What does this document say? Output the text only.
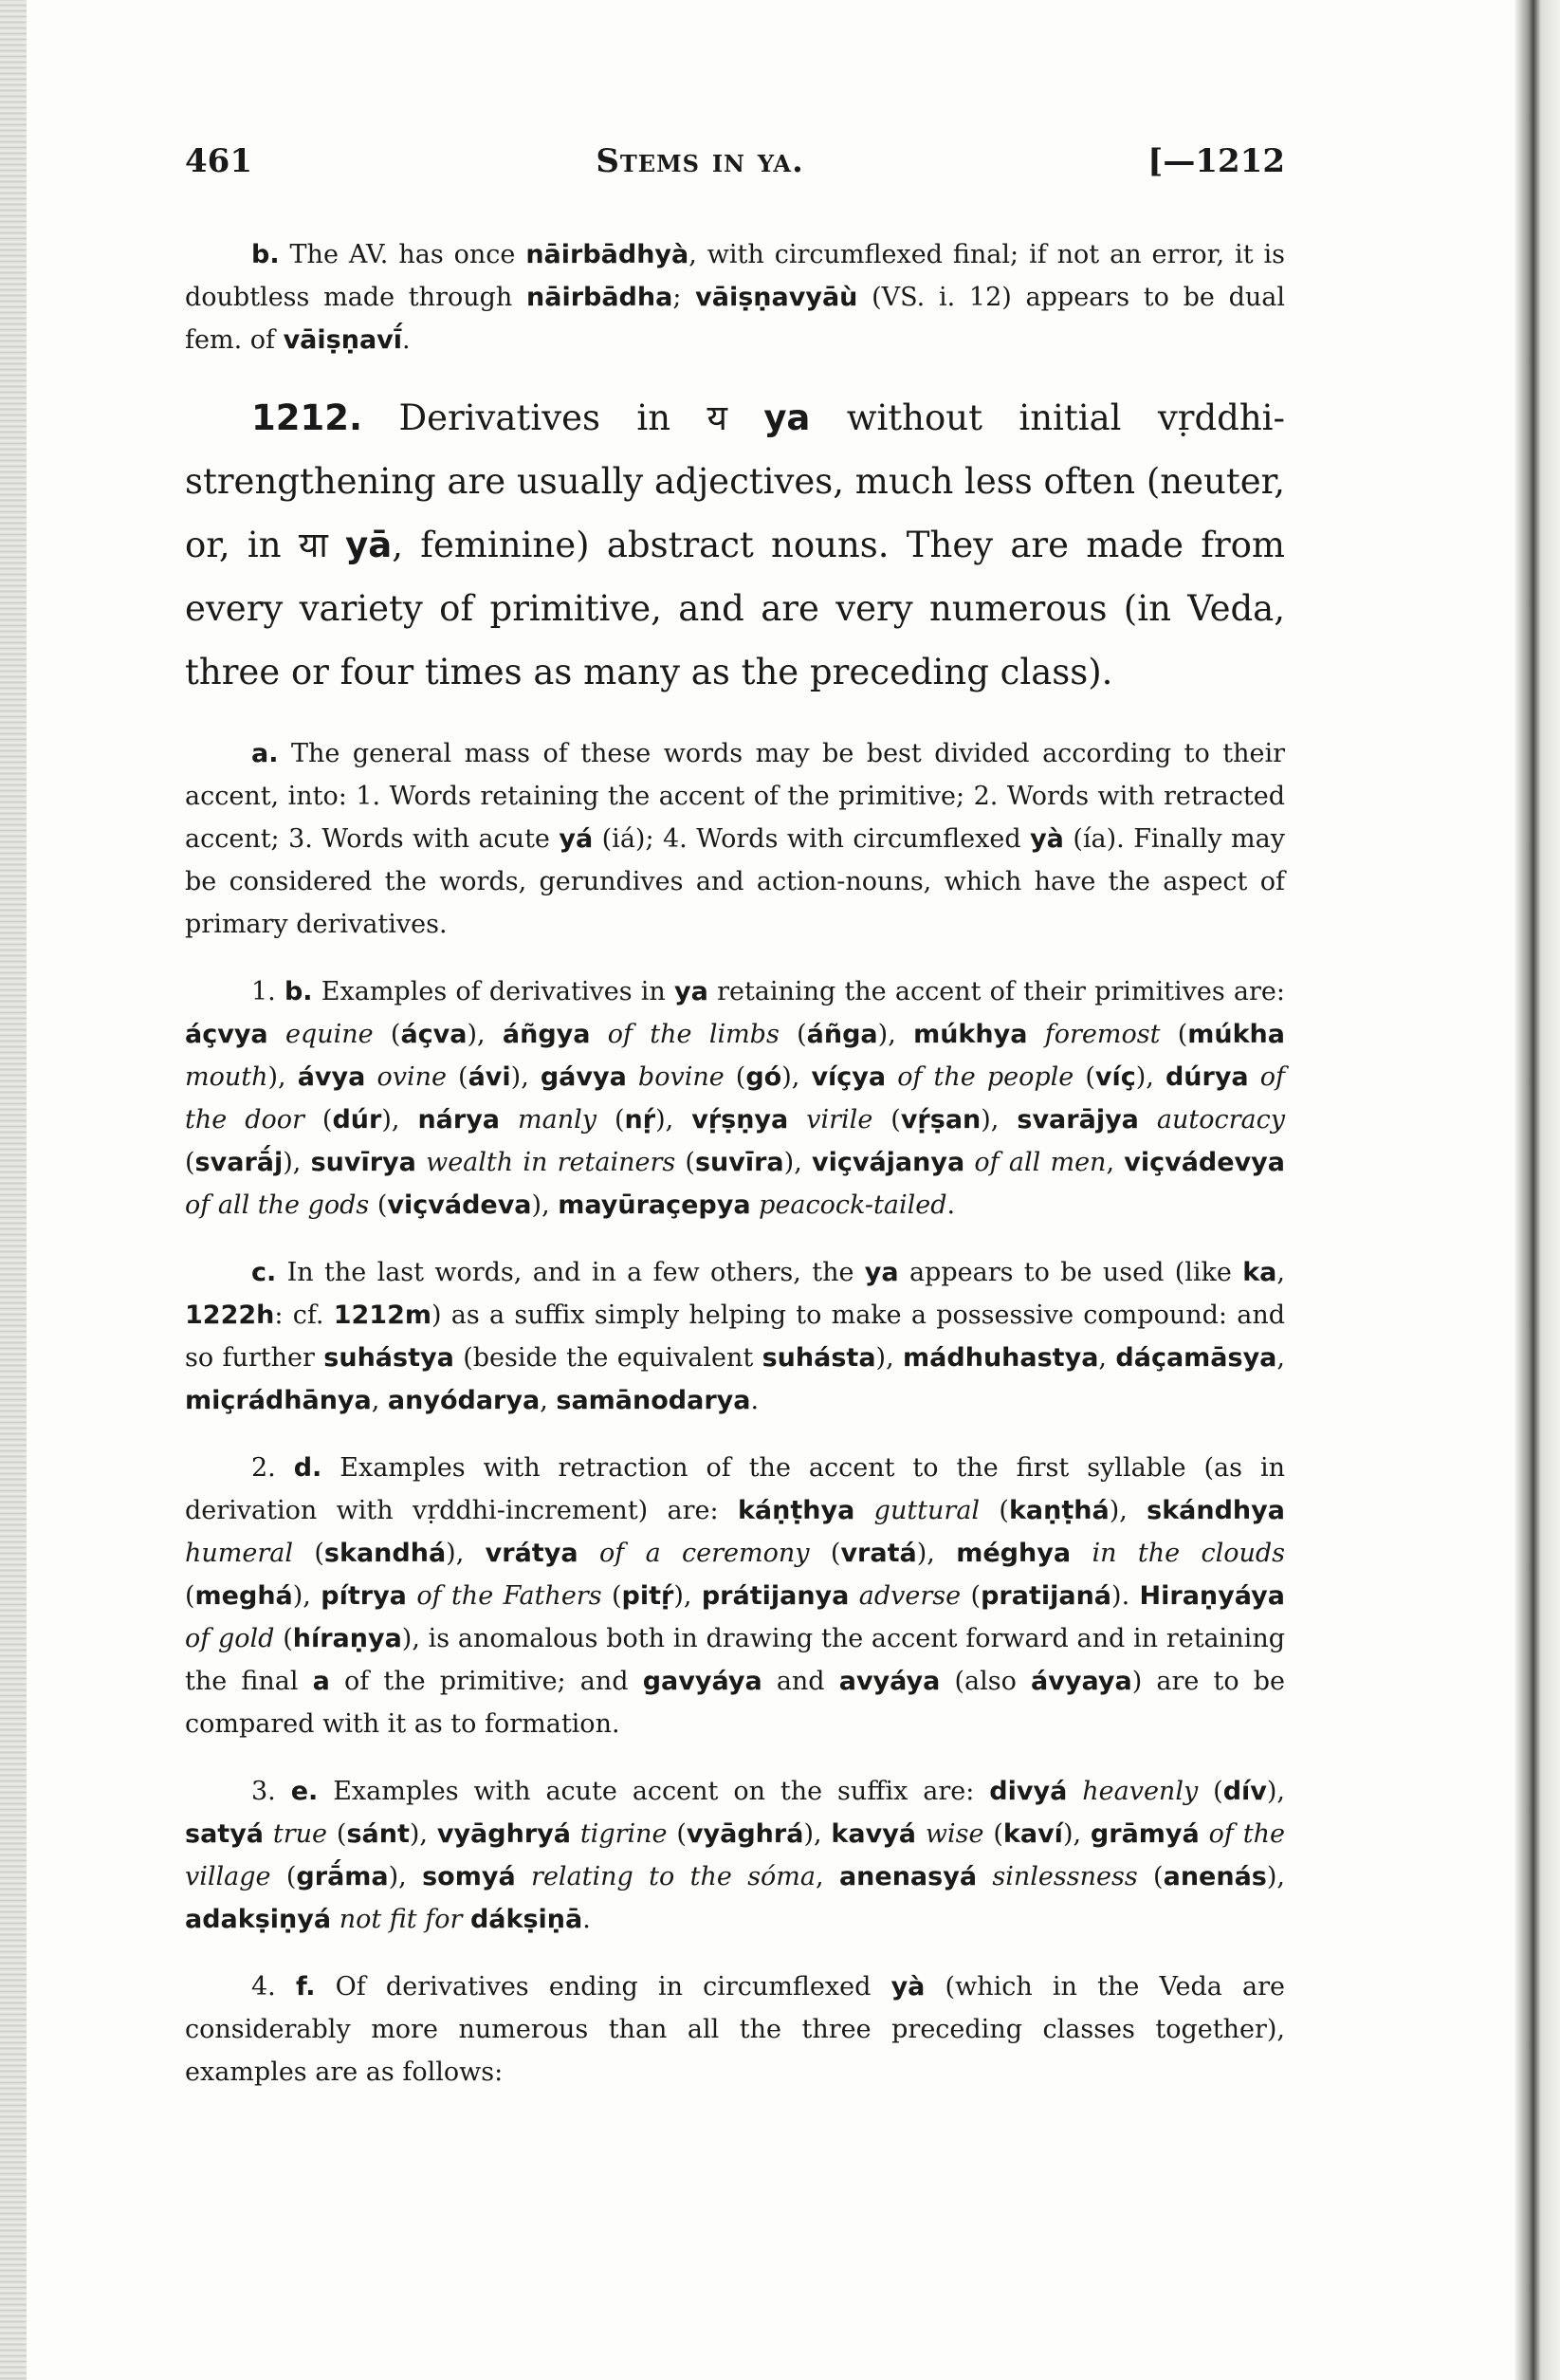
461	Stems in ya.	[—1212

b. The AV. has once nāirbādhyà, with circumflexed final; if not an error, it is doubtless made through nāirbādha; vāiṣṇavyāù (VS. i. 12) appears to be dual fem. of vāiṣṇavī́.

1212. Derivatives in य ya without initial vṛddhi-strengthening are usually adjectives, much less often (neuter, or, in या yā, feminine) abstract nouns. They are made from every variety of primitive, and are very numerous (in Veda, three or four times as many as the preceding class).

a. The general mass of these words may be best divided according to their accent, into: 1. Words retaining the accent of the primitive; 2. Words with retracted accent; 3. Words with acute yá (iá); 4. Words with circumflexed yà (ía). Finally may be considered the words, gerundives and action-nouns, which have the aspect of primary derivatives.

1. b. Examples of derivatives in ya retaining the accent of their primitives are: áçvya equine (áçva), áñgya of the limbs (áñga), múkhya foremost (múkha mouth), ávya ovine (ávi), gávya bovine (gó), víçya of the people (víç), dúrya of the door (dúr), nárya manly (nṛ́), vṛ́ṣṇya virile (vṛ́ṣan), svarājya autocracy (svarā́j), suvīrya wealth in retainers (suvīra), viçvájanya of all men, viçvádevya of all the gods (viçvádeva), mayūraçepya peacock-tailed.

c. In the last words, and in a few others, the ya appears to be used (like ka, 1222h: cf. 1212m) as a suffix simply helping to make a possessive compound: and so further suhástya (beside the equivalent suhásta), mádhuhastya, dáçamāsya, miçrádhānya, anyódarya, samānodarya.

2. d. Examples with retraction of the accent to the first syllable (as in derivation with vṛddhi-increment) are: káṇṭhya guttural (kaṇṭhá), skándhya humeral (skandhá), vrátya of a ceremony (vratá), méghya in the clouds (meghá), pítrya of the Fathers (pitṛ́), prátijanya adverse (pratijaná). Hiraṇyáya of gold (híraṇya), is anomalous both in drawing the accent forward and in retaining the final a of the primitive; and gavyáya and avyáya (also ávyaya) are to be compared with it as to formation.

3. e. Examples with acute accent on the suffix are: divyá heavenly (dív), satyá true (sánt), vyāghryá tigrine (vyāghrá), kavyá wise (kaví), grāmyá of the village (grā́ma), somyá relating to the sóma, anenasyá sinlessness (anenás), adakṣiṇyá not fit for dákṣiṇā.

4. f. Of derivatives ending in circumflexed yà (which in the Veda are considerably more numerous than all the three preceding classes together), examples are as follows:
